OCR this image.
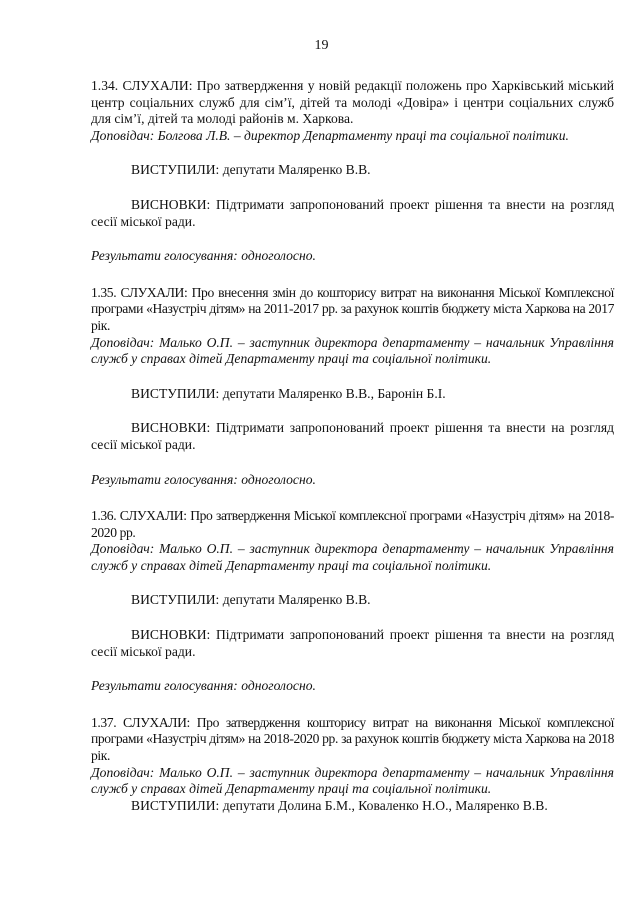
19

1.34. СЛУХАЛИ: Про затвердження у новій редакції положень про Харківський міський центр соціальних служб для сім’ї, дітей та молоді «Довіра» і центри соціальних служб для сім’ї, дітей та молоді районів м. Харкова.

Доповідач: Болгова Л.В. – директор Департаменту праці та соціальної політики.

ВИСТУПИЛИ: депутати Маляренко В.В.

ВИСНОВКИ: Підтримати запропонований проект рішення та внести на розгляд сесії міської ради.

Результати голосування: одноголосно.

1.35. СЛУХАЛИ: Про внесення змін до кошторису витрат на виконання Міської Комплексної програми «Назустріч дітям» на 2011-2017 рр. за рахунок коштів бюджету міста Харкова на 2017 рік.

Доповідач: Малько О.П. – заступник директора департаменту – начальник Управління служб у справах дітей Департаменту праці та соціальної політики.

ВИСТУПИЛИ: депутати Маляренко В.В., Баронін Б.І.

ВИСНОВКИ: Підтримати запропонований проект рішення та внести на розгляд сесії міської ради.

Результати голосування: одноголосно.

1.36. СЛУХАЛИ: Про затвердження Міської комплексної програми «Назустріч дітям» на 2018-2020 рр.

Доповідач: Малько О.П. – заступник директора департаменту – начальник Управління служб у справах дітей Департаменту праці та соціальної політики.

ВИСТУПИЛИ: депутати Маляренко В.В.

ВИСНОВКИ: Підтримати запропонований проект рішення та внести на розгляд сесії міської ради.

Результати голосування: одноголосно.

1.37. СЛУХАЛИ: Про затвердження кошторису витрат на виконання Міської комплексної програми «Назустріч дітям» на 2018-2020 рр. за рахунок коштів бюджету міста Харкова на 2018 рік.

Доповідач: Малько О.П. – заступник директора департаменту – начальник Управління служб у справах дітей Департаменту праці та соціальної політики.

ВИСТУПИЛИ: депутати Долина Б.М., Коваленко Н.О., Маляренко В.В.
